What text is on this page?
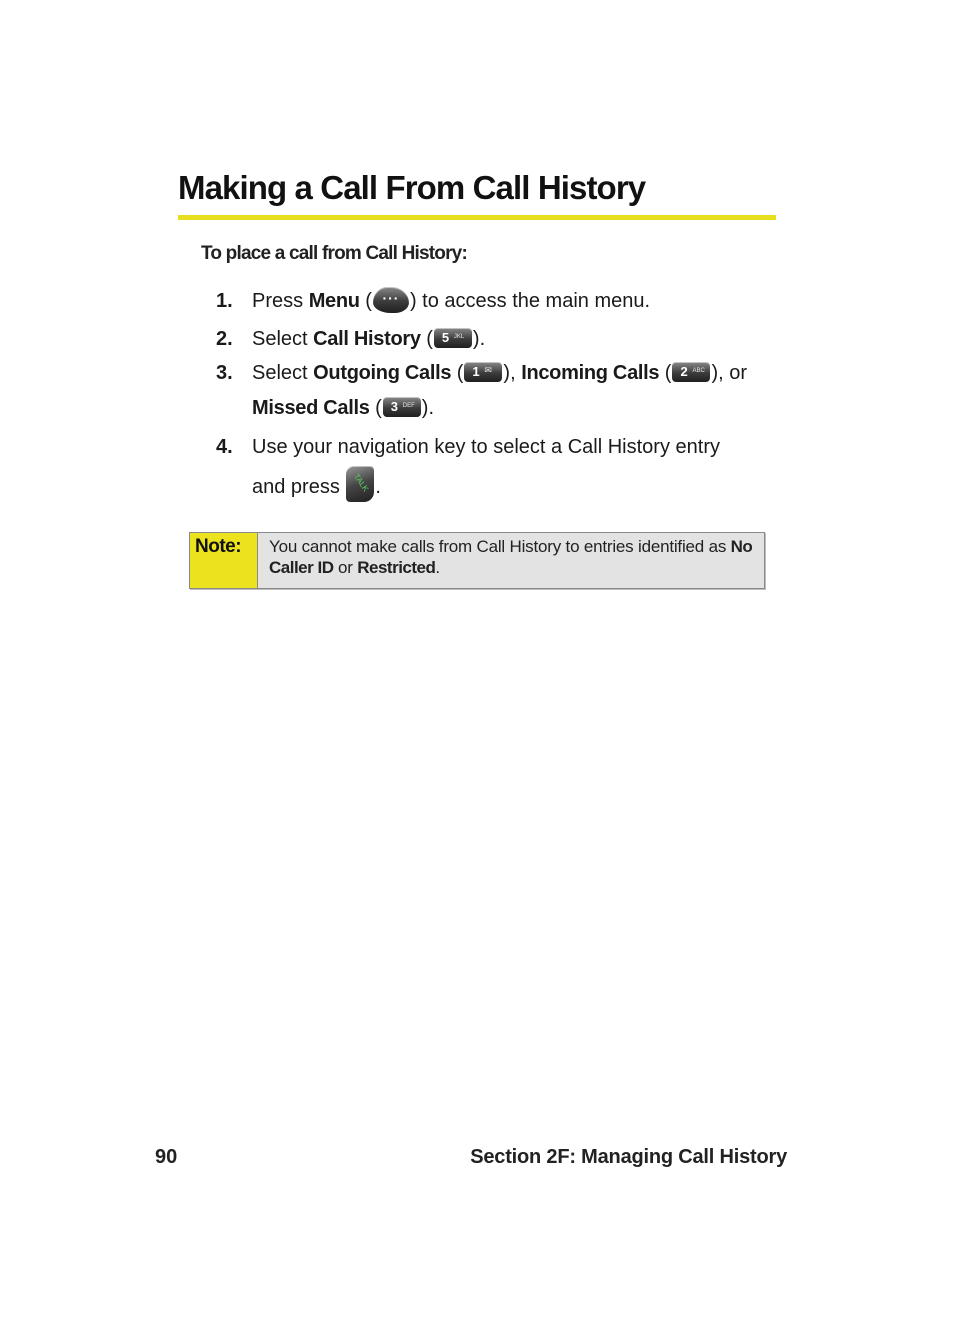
Making a Call From Call History

To place a call from Call History:

1. Press Menu ( ··· ) to access the main menu.
2. Select Call History ( 5 JKL ).
3. Select Outgoing Calls ( 1 ✉ ), Incoming Calls ( 2 ABC ), or
Missed Calls ( 3 DEF ).
4. Use your navigation key to select a Call History entry
and press TALK .
Note:	You cannot make calls from Call History to entries identified as No Caller ID or Restricted.
90	Section 2F: Managing Call History
